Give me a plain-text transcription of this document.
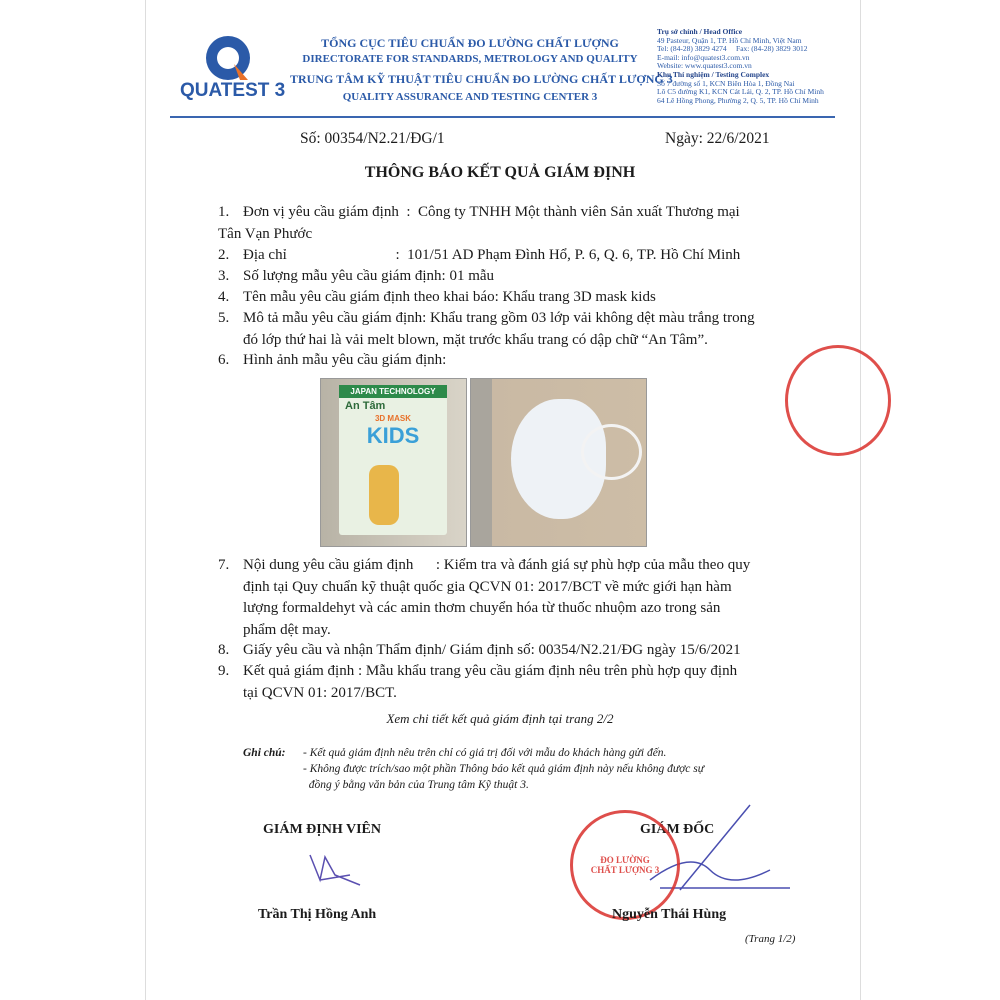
QUATEST 3
TỔNG CỤC TIÊU CHUẨN ĐO LƯỜNG CHẤT LƯỢNG
DIRECTORATE FOR STANDARDS, METROLOGY AND QUALITY
TRUNG TÂM KỸ THUẬT TIÊU CHUẨN ĐO LƯỜNG CHẤT LƯỢNG 3
QUALITY ASSURANCE AND TESTING CENTER 3
Trụ sở chính / Head Office
49 Pasteur, Quận 1, TP. Hồ Chí Minh, Việt Nam
Tel: (84-28) 3829 4274     Fax: (84-28) 3829 3012
E-mail: info@quatest3.com.vn
Website: www.quatest3.com.vn
Khu Thí nghiệm / Testing Complex
Số 7 đường số 1, KCN Biên Hòa 1, Đồng Nai
Lô C5 đường K1, KCN Cát Lái, Q. 2, TP. Hồ Chí Minh
64 Lê Hồng Phong, Phường 2, Q. 5, TP. Hồ Chí Minh
Số: 00354/N2.21/ĐG/1	Ngày: 22/6/2021
THÔNG BÁO KẾT QUẢ GIÁM ĐỊNH
1. Đơn vị yêu cầu giám định  :  Công ty TNHH Một thành viên Sản xuất Thương mại
Tân Vạn Phước
2. Địa chỉ                             :  101/51 AD Phạm Đình Hổ, P. 6, Q. 6, TP. Hồ Chí Minh
3. Số lượng mẫu yêu cầu giám định: 01 mẫu
4. Tên mẫu yêu cầu giám định theo khai báo: Khẩu trang 3D mask kids
5. Mô tả mẫu yêu cầu giám định: Khẩu trang gồm 03 lớp vải không dệt màu trắng trong
đó lớp thứ hai là vải melt blown, mặt trước khẩu trang có dập chữ “An Tâm”.
6. Hình ảnh mẫu yêu cầu giám định:
JAPAN TECHNOLOGY
An Tâm
3D MASK
KIDS
7. Nội dung yêu cầu giám định      : Kiểm tra và đánh giá sự phù hợp của mẫu theo quy
định tại Quy chuẩn kỹ thuật quốc gia QCVN 01: 2017/BCT về mức giới hạn hàm
lượng formaldehyt và các amin thơm chuyển hóa từ thuốc nhuộm azo trong sản
phẩm dệt may.
8. Giấy yêu cầu và nhận Thẩm định/ Giám định số: 00354/N2.21/ĐG ngày 15/6/2021
9. Kết quả giám định : Mẫu khẩu trang yêu cầu giám định nêu trên phù hợp quy định
tại QCVN 01: 2017/BCT.
Xem chi tiết kết quả giám định tại trang 2/2
Ghi chú: - Kết quả giám định nêu trên chỉ có giá trị đối với mẫu do khách hàng gửi đến.
- Không được trích/sao một phần Thông báo kết quả giám định này nếu không được sự
đồng ý bằng văn bản của Trung tâm Kỹ thuật 3.
GIÁM ĐỊNH VIÊN	GIÁM ĐỐC
ĐO LƯỜNG
CHẤT LƯỢNG 3
Trần Thị Hồng Anh	Nguyễn Thái Hùng
(Trang 1/2)
